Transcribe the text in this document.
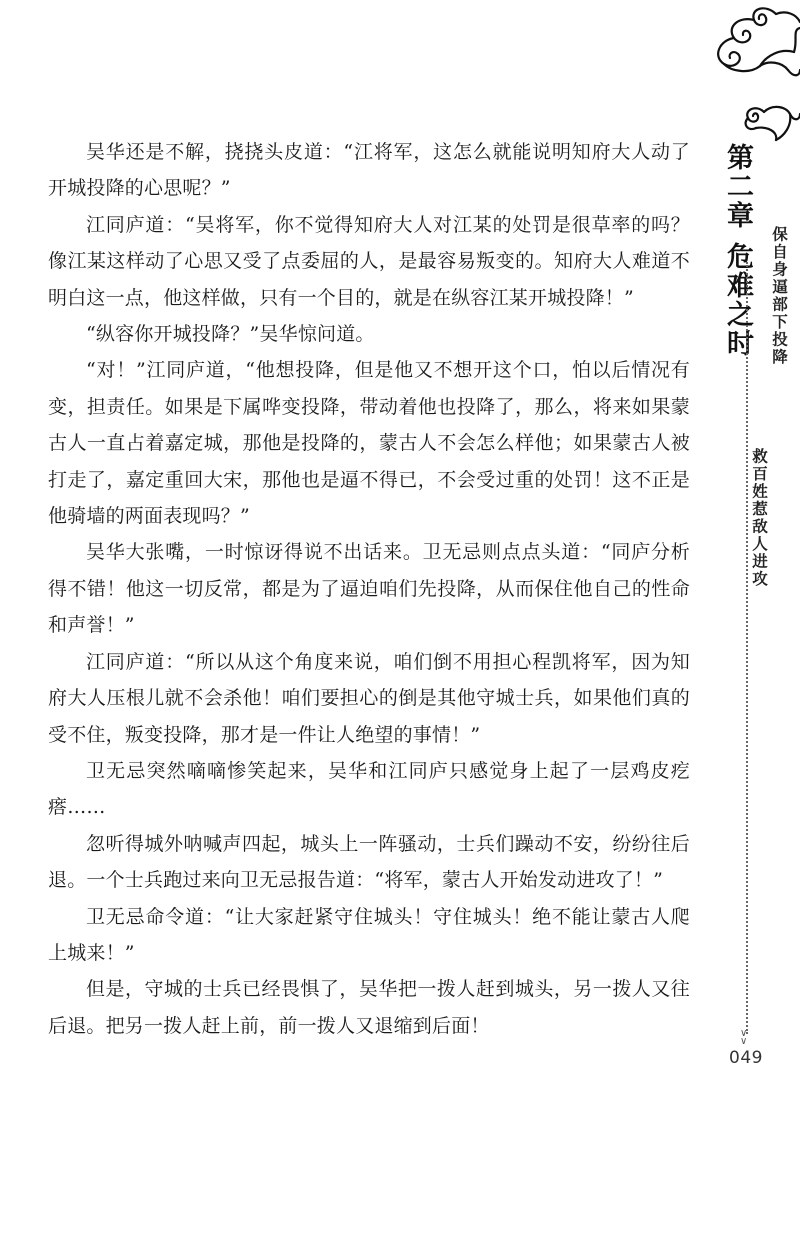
吴华还是不解，挠挠头皮道：“江将军，这怎么就能说明知府大人动了开城投降的心思呢？”

江同庐道：“吴将军，你不觉得知府大人对江某的处罚是很草率的吗？像江某这样动了心思又受了点委屈的人，是最容易叛变的。知府大人难道不明白这一点，他这样做，只有一个目的，就是在纵容江某开城投降！”

“纵容你开城投降？”吴华惊问道。

“对！”江同庐道，“他想投降，但是他又不想开这个口，怕以后情况有变，担责任。如果是下属哗变投降，带动着他也投降了，那么，将来如果蒙古人一直占着嘉定城，那他是投降的，蒙古人不会怎么样他；如果蒙古人被打走了，嘉定重回大宋，那他也是逼不得已，不会受过重的处罚！这不正是他骑墙的两面表现吗？”

吴华大张嘴，一时惊讶得说不出话来。卫无忌则点点头道：“同庐分析得不错！他这一切反常，都是为了逼迫咱们先投降，从而保住他自己的性命和声誉！”

江同庐道：“所以从这个角度来说，咱们倒不用担心程凯将军，因为知府大人压根儿就不会杀他！咱们要担心的倒是其他守城士兵，如果他们真的受不住，叛变投降，那才是一件让人绝望的事情！”

卫无忌突然嘀嘀惨笑起来，吴华和江同庐只感觉身上起了一层鸡皮疙瘩……

忽听得城外呐喊声四起，城头上一阵骚动，士兵们躁动不安，纷纷往后退。一个士兵跑过来向卫无忌报告道：“将军，蒙古人开始发动进攻了！”

卫无忌命令道：“让大家赶紧守住城头！守住城头！绝不能让蒙古人爬上城来！”

但是，守城的士兵已经畏惧了，吴华把一拨人赶到城头，另一拨人又往后退。把另一拨人赶上前，前一拨人又退缩到后面！

第二章危难之时 保自身逼部下投降
救百姓惹敌人进攻
∨
∨
049
